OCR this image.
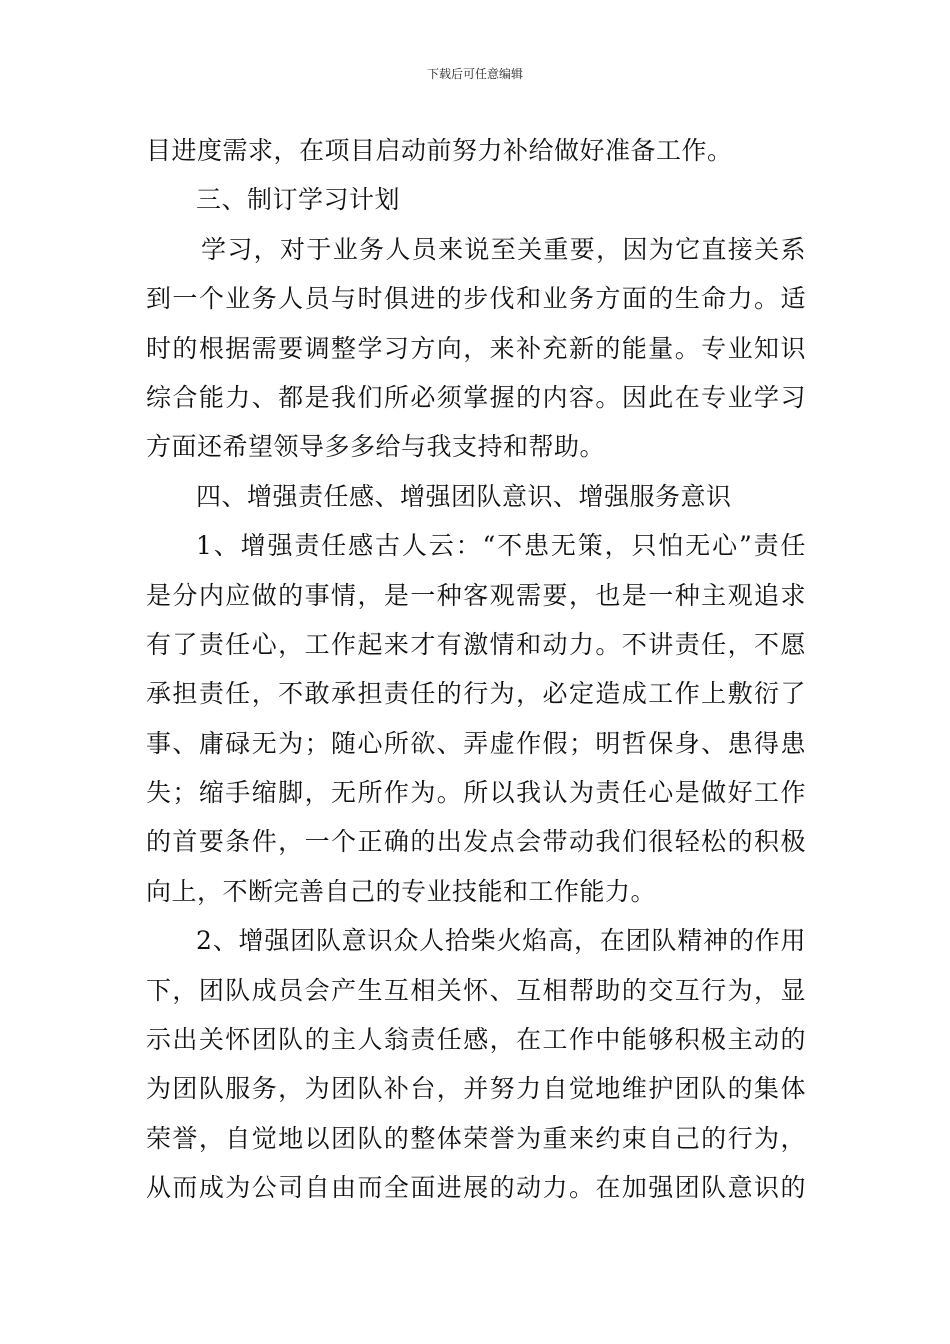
下载后可任意编辑
目进度需求，在项目启动前努力补给做好准备工作。
三、制订学习计划
学习，对于业务人员来说至关重要，因为它直接关系
到一个业务人员与时俱进的步伐和业务方面的生命力。适
时的根据需要调整学习方向，来补充新的能量。专业知识
综合能力、都是我们所必须掌握的内容。因此在专业学习
方面还希望领导多多给与我支持和帮助。
四、增强责任感、增强团队意识、增强服务意识
1、增强责任感古人云：“不患无策，只怕无心”责任
是分内应做的事情，是一种客观需要，也是一种主观追求
有了责任心，工作起来才有激情和动力。不讲责任，不愿
承担责任，不敢承担责任的行为，必定造成工作上敷衍了
事、庸碌无为；随心所欲、弄虚作假；明哲保身、患得患
失；缩手缩脚，无所作为。所以我认为责任心是做好工作
的首要条件，一个正确的出发点会带动我们很轻松的积极
向上，不断完善自己的专业技能和工作能力。
2、增强团队意识众人拾柴火焰高，在团队精神的作用
下，团队成员会产生互相关怀、互相帮助的交互行为，显
示出关怀团队的主人翁责任感，在工作中能够积极主动的
为团队服务，为团队补台，并努力自觉地维护团队的集体
荣誉，自觉地以团队的整体荣誉为重来约束自己的行为，
从而成为公司自由而全面进展的动力。在加强团队意识的
